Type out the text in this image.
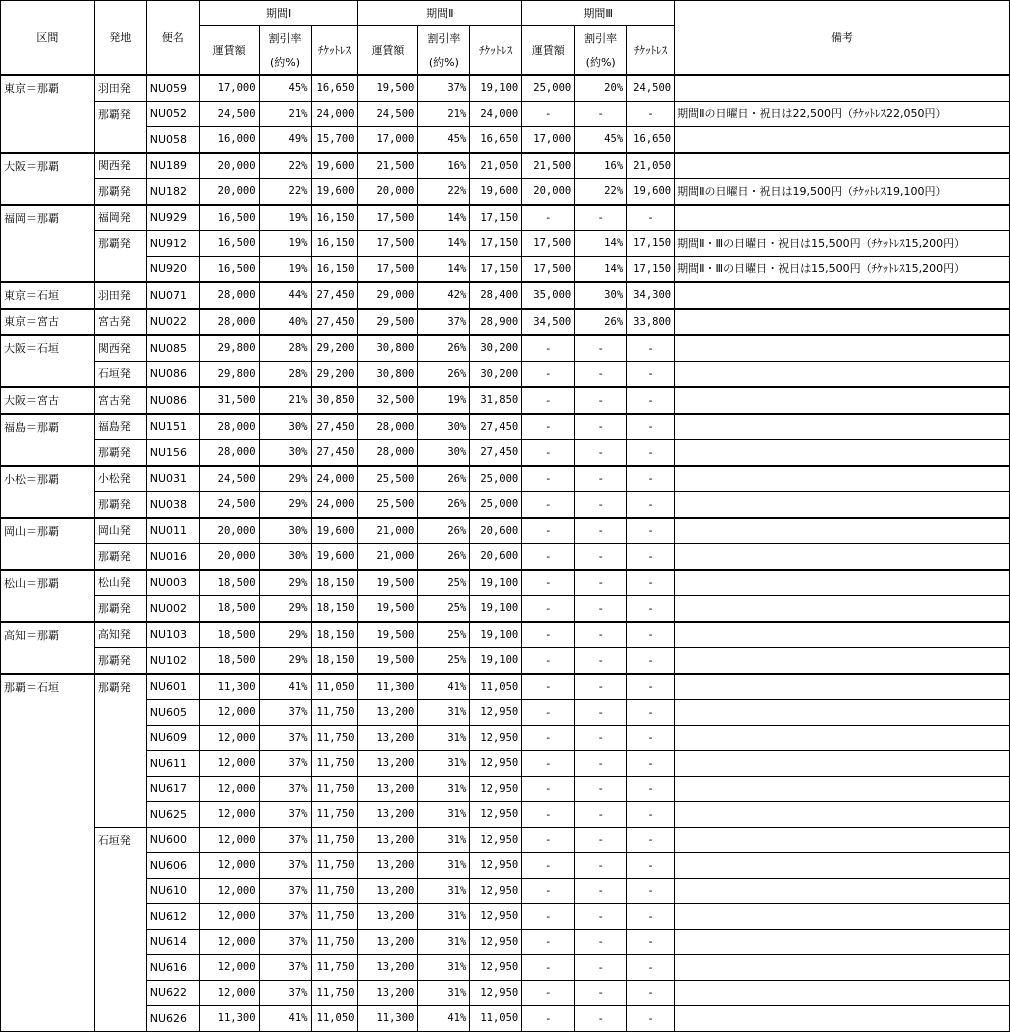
区間	発地	便名	期間Ⅰ			期間Ⅱ			期間Ⅲ			備考
			運賃額	割引率	ﾁｹｯﾄﾚｽ	運賃額	割引率	ﾁｹｯﾄﾚｽ	運賃額	割引率	ﾁｹｯﾄﾚｽ	
				(約%)			(約%)			(約%)		
東京＝那覇	羽田発	NU059	17,000	45%	16,650	19,500	37%	19,100	25,000	20%	24,500	
	那覇発	NU052	24,500	21%	24,000	24,500	21%	24,000	-	-	-	期間Ⅱの日曜日・祝日は22,500円（ﾁｹｯﾄﾚｽ22,050円）
		NU058	16,000	49%	15,700	17,000	45%	16,650	17,000	45%	16,650	
大阪＝那覇	関西発	NU189	20,000	22%	19,600	21,500	16%	21,050	21,500	16%	21,050	
	那覇発	NU182	20,000	22%	19,600	20,000	22%	19,600	20,000	22%	19,600	期間Ⅱの日曜日・祝日は19,500円（ﾁｹｯﾄﾚｽ19,100円）
福岡＝那覇	福岡発	NU929	16,500	19%	16,150	17,500	14%	17,150	-	-	-	
	那覇発	NU912	16,500	19%	16,150	17,500	14%	17,150	17,500	14%	17,150	期間Ⅱ・Ⅲの日曜日・祝日は15,500円（ﾁｹｯﾄﾚｽ15,200円）
		NU920	16,500	19%	16,150	17,500	14%	17,150	17,500	14%	17,150	期間Ⅱ・Ⅲの日曜日・祝日は15,500円（ﾁｹｯﾄﾚｽ15,200円）
東京＝石垣	羽田発	NU071	28,000	44%	27,450	29,000	42%	28,400	35,000	30%	34,300	
東京＝宮古	宮古発	NU022	28,000	40%	27,450	29,500	37%	28,900	34,500	26%	33,800	
大阪＝石垣	関西発	NU085	29,800	28%	29,200	30,800	26%	30,200	-	-	-	
	石垣発	NU086	29,800	28%	29,200	30,800	26%	30,200	-	-	-	
大阪＝宮古	宮古発	NU086	31,500	21%	30,850	32,500	19%	31,850	-	-	-	
福島＝那覇	福島発	NU151	28,000	30%	27,450	28,000	30%	27,450	-	-	-	
	那覇発	NU156	28,000	30%	27,450	28,000	30%	27,450	-	-	-	
小松＝那覇	小松発	NU031	24,500	29%	24,000	25,500	26%	25,000	-	-	-	
	那覇発	NU038	24,500	29%	24,000	25,500	26%	25,000	-	-	-	
岡山＝那覇	岡山発	NU011	20,000	30%	19,600	21,000	26%	20,600	-	-	-	
	那覇発	NU016	20,000	30%	19,600	21,000	26%	20,600	-	-	-	
松山＝那覇	松山発	NU003	18,500	29%	18,150	19,500	25%	19,100	-	-	-	
	那覇発	NU002	18,500	29%	18,150	19,500	25%	19,100	-	-	-	
高知＝那覇	高知発	NU103	18,500	29%	18,150	19,500	25%	19,100	-	-	-	
	那覇発	NU102	18,500	29%	18,150	19,500	25%	19,100	-	-	-	
那覇＝石垣	那覇発	NU601	11,300	41%	11,050	11,300	41%	11,050	-	-	-	
		NU605	12,000	37%	11,750	13,200	31%	12,950	-	-	-	
		NU609	12,000	37%	11,750	13,200	31%	12,950	-	-	-	
		NU611	12,000	37%	11,750	13,200	31%	12,950	-	-	-	
		NU617	12,000	37%	11,750	13,200	31%	12,950	-	-	-	
		NU625	12,000	37%	11,750	13,200	31%	12,950	-	-	-	
	石垣発	NU600	12,000	37%	11,750	13,200	31%	12,950	-	-	-	
		NU606	12,000	37%	11,750	13,200	31%	12,950	-	-	-	
		NU610	12,000	37%	11,750	13,200	31%	12,950	-	-	-	
		NU612	12,000	37%	11,750	13,200	31%	12,950	-	-	-	
		NU614	12,000	37%	11,750	13,200	31%	12,950	-	-	-	
		NU616	12,000	37%	11,750	13,200	31%	12,950	-	-	-	
		NU622	12,000	37%	11,750	13,200	31%	12,950	-	-	-	
		NU626	11,300	41%	11,050	11,300	41%	11,050	-	-	-	
